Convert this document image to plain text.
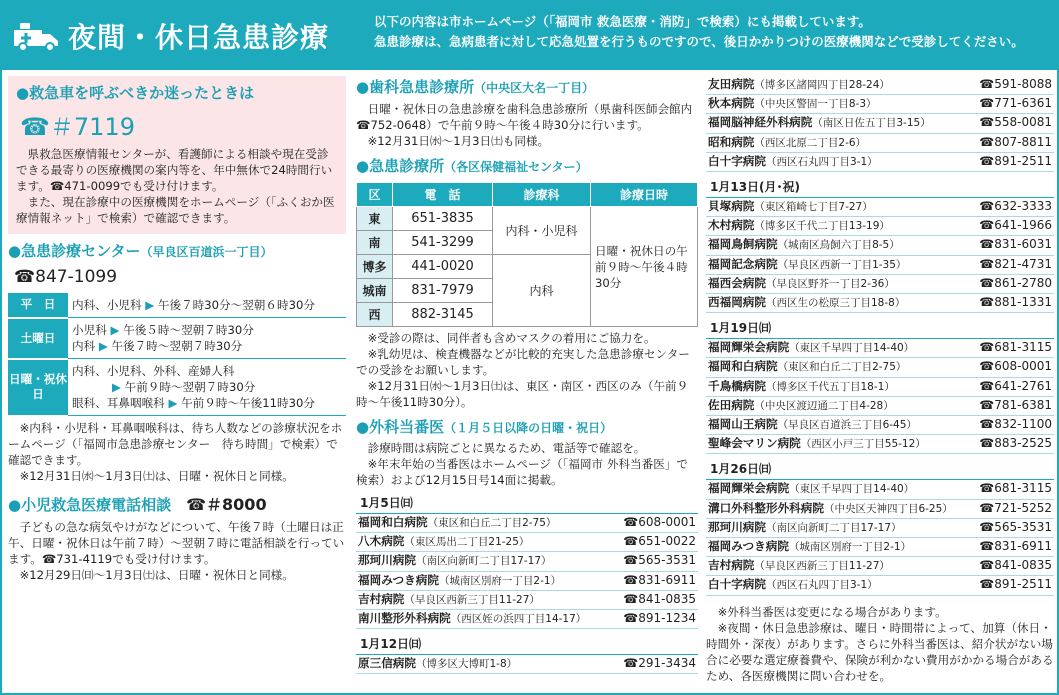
夜間・休日急患診療	以下の内容は市ホームページ（「福岡市 救急医療・消防」で検索）にも掲載しています。
急患診療は、急病患者に対して応急処置を行うものですので、後日かかりつけの医療機関などで受診してください。
●救急車を呼ぶべきか迷ったときは
☎＃7119
県救急医療情報センターが、看護師による相談や現在受診できる最寄りの医療機関の案内等を、年中無休で24時間行います。☎471-0099でも受け付けます。
また、現在診療中の医療機関をホームページ（「ふくおか医療情報ネット」で検索）で確認できます。
●急患診療センター（早良区百道浜一丁目）
☎847-1099
平　日	内科、小児科 ▶ 午後７時30分～翌朝６時30分
土曜日	小児科 ▶ 午後５時～翌朝７時30分
内科 ▶ 午後７時～翌朝７時30分

日曜・祝休日	内科、小児科、外科、産婦人科
▶ 午前９時～翌朝７時30分
眼科、耳鼻咽喉科 ▶ 午前９時～午後11時30分
※内科・小児科・耳鼻咽喉科は、待ち人数などの診療状況をホームページ（「福岡市急患診療センター　待ち時間」で検索）で確認できます。
※12月31日㈬～1月3日㈯は、日曜・祝休日と同様。
●小児救急医療電話相談　 ☎＃8000
子どもの急な病気やけがなどについて、午後７時（土曜日は正午、日曜・祝休日は午前７時）～翌朝７時に電話相談を行っています。☎731-4119でも受け付けます。
※12月29日㈰～1月3日㈯は、日曜・祝休日と同様。
●歯科急患診療所（中央区大名一丁目）
日曜・祝休日の急患診療を歯科急患診療所（県歯科医師会館内☎752-0648）で午前９時～午後４時30分に行います。
※12月31日㈬～1月3日㈯も同様。
●急患診療所（各区保健福祉センター）
区	電　話	診療科	診療日時
東	651-3835	内科・小児科	日曜・祝休日の午前９時～午後４時30分
南	541-3299		
博多	441-0020	内科	
城南	831-7979		
西	882-3145		
※受診の際は、同伴者も含めマスクの着用にご協力を。
※乳幼児は、検査機器などが比較的充実した急患診療センターでの受診をお願いします。
※12月31日㈬～1月3日㈯は、東区・南区・西区のみ（午前９時～午後11時30分）。
●外科当番医（１月５日以降の日曜・祝日）
診療時間は病院ごとに異なるため、電話等で確認を。
※年末年始の当番医はホームページ（「福岡市 外科当番医」で検索）および12月15日号14面に掲載。
1月5日㈰
福岡和白病院（東区和白丘二丁目2-75）	☎608-0001
八木病院（東区馬出二丁目21-25）	☎651-0022
那珂川病院（南区向新町二丁目17-17）	☎565-3531
福岡みつき病院（城南区別府一丁目2-1）	☎831-6911
吉村病院（早良区西新三丁目11-27）	☎841-0835
南川整形外科病院（西区姪の浜四丁目14-17）	☎891-1234
1月12日㈰
原三信病院（博多区大博町1-8）	☎291-3434
友田病院（博多区諸岡四丁目28-24）	☎591-8088
秋本病院（中央区警固一丁目8-3）	☎771-6361
福岡脳神経外科病院（南区日佐五丁目3-15）	☎558-0081
昭和病院（西区北原二丁目2-6）	☎807-8811
白十字病院（西区石丸四丁目3-1）	☎891-2511
1月13日(月･祝)
貝塚病院（東区箱崎七丁目7-27）	☎632-3333
木村病院（博多区千代二丁目13-19）	☎641-1966
福岡鳥飼病院（城南区鳥飼六丁目8-5）	☎831-6031
福岡記念病院（早良区西新一丁目1-35）	☎821-4731
福西会病院（早良区野芥一丁目2-36）	☎861-2780
西福岡病院（西区生の松原三丁目18-8）	☎881-1331
1月19日㈰
福岡輝栄会病院（東区千早四丁目14-40）	☎681-3115
福岡和白病院（東区和白丘二丁目2-75）	☎608-0001
千鳥橋病院（博多区千代五丁目18-1）	☎641-2761
佐田病院（中央区渡辺通二丁目4-28）	☎781-6381
福岡山王病院（早良区百道浜三丁目6-45）	☎832-1100
聖峰会マリン病院（西区小戸三丁目55-12）	☎883-2525
1月26日㈰
福岡輝栄会病院（東区千早四丁目14-40）	☎681-3115
溝口外科整形外科病院（中央区天神四丁目6-25） ☎721-5252
那珂川病院（南区向新町二丁目17-17）	☎565-3531
福岡みつき病院（城南区別府一丁目2-1）	☎831-6911
吉村病院（早良区西新三丁目11-27）	☎841-0835
白十字病院（西区石丸四丁目3-1）	☎891-2511
※外科当番医は変更になる場合があります。
※夜間・休日急患診療は、曜日・時間帯によって、加算（休日・時間外・深夜）があります。さらに外科当番医は、紹介状がない場合に必要な選定療養費や、保険が利かない費用がかかる場合があるため、各医療機関に問い合わせを。
